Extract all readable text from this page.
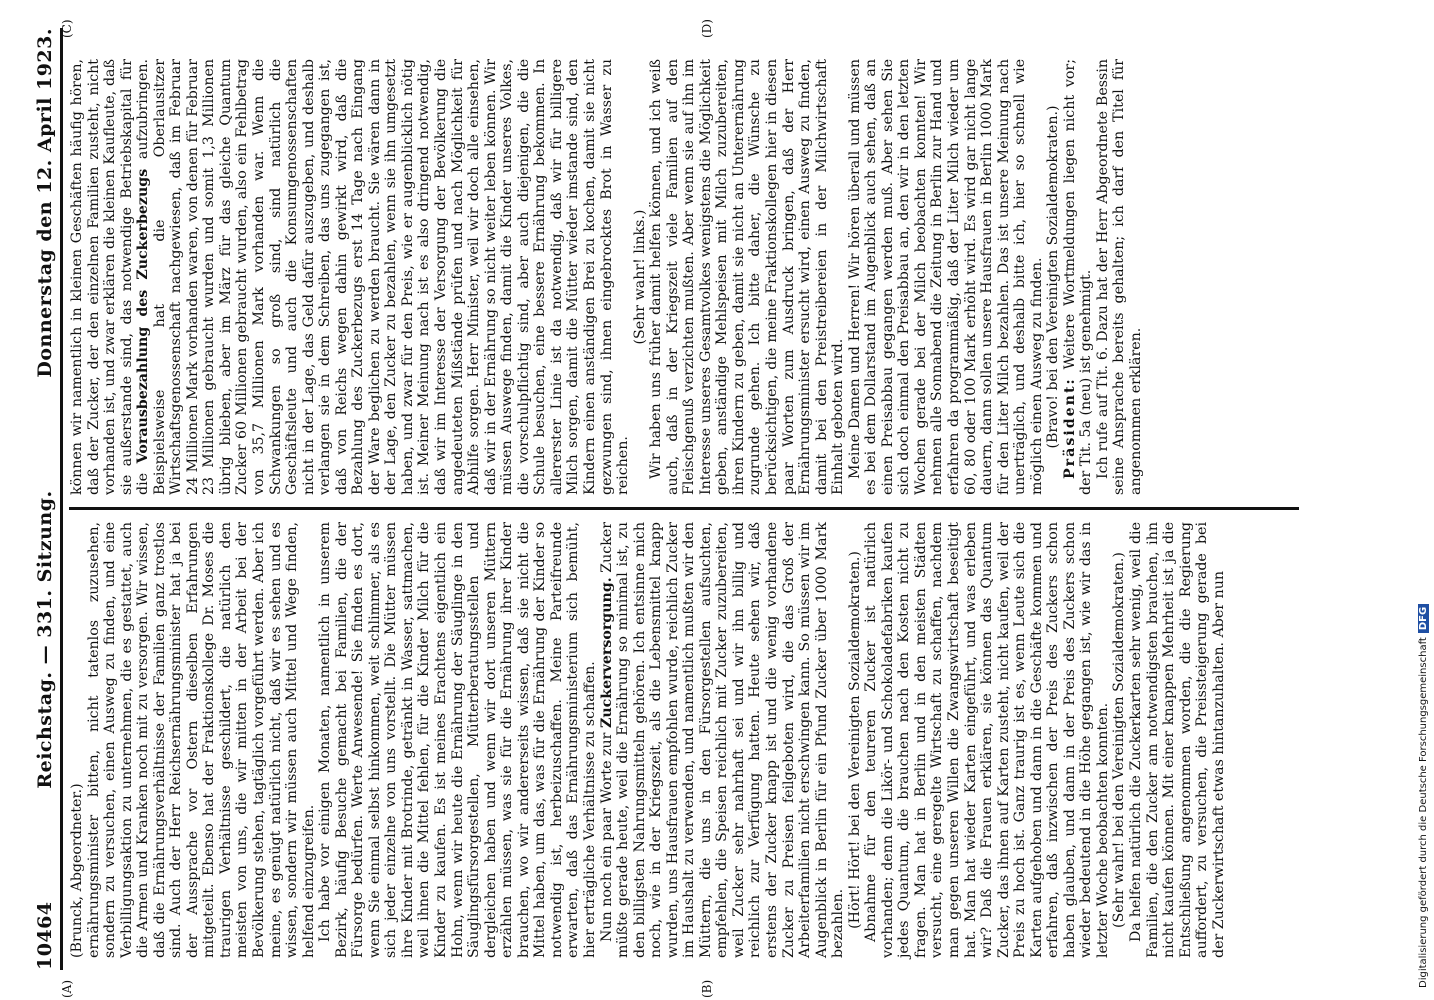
10464
Reichstag. — 331. Sitzung.
Donnerstag den 12. April 1923.

(Brunck, Abgeordneter.) ernährungsminister bitten, nicht tatenlos zuzusehen, sondern zu versuchen, einen Ausweg zu finden, und eine Verbilligungsaktion zu unternehmen, die es gestattet, auch die Armen und Kranken noch mit zu versorgen. Wir wissen, daß die Ernährungsverhältnisse der Familien ganz trostlos sind. Auch der Herr Reichsernährungsminister hat ja bei der Aussprache vor Ostern dieselben Erfahrungen mitgeteilt. Ebenso hat der Fraktionskollege Dr. Moses die traurigen Verhältnisse geschildert, die natürlich den meisten von uns, die wir mitten in der Arbeit bei der Bevölkerung stehen, tagtäglich vorgeführt werden. Aber ich meine, es genügt natürlich nicht, daß wir es sehen und es wissen, sondern wir müssen auch Mittel und Wege finden, helfend einzugreifen. Ich habe vor einigen Monaten, namentlich in unserem Bezirk, häufig Besuche gemacht bei Familien, die der Fürsorge bedürfen. Werte Anwesende! Sie finden es dort, wenn Sie einmal selbst hinkommen, weit schlimmer, als es sich jeder einzelne von uns vorstellt. Die Mütter müssen ihre Kinder mit Brotrinde, getränkt in Wasser, sattmachen, weil ihnen die Mittel fehlen, für die Kinder Milch für die Kinder zu kaufen. Es ist meines Erachtens eigentlich ein Hohn, wenn wir heute die Ernährung der Säuglinge in den Säuglingsfürsorgestellen, Mütterberatungsstellen und dergleichen haben und wenn wir dort unseren Müttern erzählen müssen, was sie für die Ernährung ihrer Kinder brauchen, wo wir andererseits wissen, daß sie nicht die Mittel haben, um das, was für die Ernährung der Kinder so notwendig ist, herbeizuschaffen. Meine Parteifreunde erwarten, daß das Ernährungsministerium sich bemüht, hier erträgliche Verhältnisse zu schaffen. Nun noch ein paar Worte zur Zuckerversorgung. Zucker müßte gerade heute, weil die Ernährung so minimal ist, zu den billigsten Nahrungsmitteln gehören. Ich entsinne mich noch, wie in der Kriegszeit, als die Lebensmittel knapp wurden, uns Hausfrauen empfohlen wurde, reichlich Zucker im Haushalt zu verwenden, und namentlich mußten wir den Müttern, die uns in den Fürsorgestellen aufsuchten, empfehlen, die Speisen reichlich mit Zucker zuzubereiten, weil Zucker sehr nahrhaft sei und wir ihn billig und reichlich zur Verfügung hatten. Heute sehen wir, daß erstens der Zucker knapp ist und die wenig vorhandene Zucker zu Preisen feilgeboten wird, die das Groß der Arbeiterfamilien nicht erschwingen kann. So müssen wir im Augenblick in Berlin für ein Pfund Zucker über 1000 Mark bezahlen. (Hört! Hört! bei den Vereinigten Sozialdemokraten.) Abnahme für den teureren Zucker ist natürlich vorhanden; denn die Likör- und Schokoladefabriken kaufen jedes Quantum, die brauchen nach den Kosten nicht zu fragen. Man hat in Berlin und in den meisten Städten versucht, eine geregelte Wirtschaft zu schaffen, nachdem man gegen unseren Willen die Zwangswirtschaft beseitigt hat. Man hat wieder Karten eingeführt, und was erleben wir? Daß die Frauen erklären, sie können das Quantum Zucker, das ihnen auf Karten zusteht, nicht kaufen, weil der Preis zu hoch ist. Ganz traurig ist es, wenn Leute sich die Karten aufgehoben und dann in die Geschäfte kommen und erfahren, daß inzwischen der Preis des Zuckers schon haben glauben, und dann in der Preis des Zuckers schon wieder bedeutend in die Höhe gegangen ist, wie wir das in letzter Woche beobachten konnten. (Sehr wahr! bei den Vereinigten Sozialdemokraten.) Da helfen natürlich die Zuckerkarten sehr wenig, weil die Familien, die den Zucker am notwendigsten brauchen, ihn nicht kaufen können. Mit einer knappen Mehrheit ist ja die Entschließung angenommen worden, die die Regierung auffordert, zu versuchen, die Preissteigerung gerade bei der Zuckerwirtschaft etwas hintanzuhalten. Aber nun

können wir namentlich in kleinen Geschäften häufig hören, daß der Zucker, der den einzelnen Familien zusteht, nicht vorhanden ist, und zwar erklären die kleinen Kaufleute, daß sie außerstande sind, das notwendige Betriebskapital für die Vorausbezahlung des Zuckerbezugs aufzubringen. Beispielsweise hat die Oberlausitzer Wirtschaftsgenossenschaft nachgewiesen, daß im Februar 24 Millionen Mark vorhanden waren, von denen für Februar 23 Millionen gebraucht wurden und somit 1,3 Millionen übrig blieben, aber im März für das gleiche Quantum Zucker 60 Millionen gebraucht wurden, also ein Fehlbetrag von 35,7 Millionen Mark vorhanden war. Wenn die Schwankungen so groß sind, sind natürlich die Geschäftsleute und auch die Konsumgenossenschaften nicht in der Lage, das Geld dafür auszugeben, und deshalb verlangen sie in dem Schreiben, das uns zugegangen ist, daß von Reichs wegen dahin gewirkt wird, daß die Bezahlung des Zuckerbezugs erst 14 Tage nach Eingang der Ware beglichen zu werden braucht. Sie wären dann in der Lage, den Zucker zu bezahlen, wenn sie ihn umgesetzt haben, und zwar für den Preis, wie er augenblicklich nötig ist. Meiner Meinung nach ist es also dringend notwendig, daß wir im Interesse der Versorgung der Bevölkerung die angedeuteten Mißstände prüfen und nach Möglichkeit für Abhilfe sorgen. Herr Minister, weil wir doch alle einsehen, daß wir in der Ernährung so nicht weiter leben können. Wir müssen Auswege finden, damit die Kinder unseres Volkes, die vorschulpflichtig sind, aber auch diejenigen, die die Schule besuchen, eine bessere Ernährung bekommen. In allererster Linie ist da notwendig, daß wir für billigere Milch sorgen, damit die Mütter wieder imstande sind, den Kindern einen anständigen Brei zu kochen, damit sie nicht gezwungen sind, ihnen eingebrocktes Brot in Wasser zu reichen.

(Sehr wahr! links.) Wir haben uns früher damit helfen können, und ich weiß auch, daß in der Kriegszeit viele Familien auf den Fleischgenuß verzichten mußten. Aber wenn sie auf ihn im Interesse unseres Gesamtvolkes wenigstens die Möglichkeit geben, anständige Mehlspeisen mit Milch zuzubereiten, ihren Kindern zu geben, damit sie nicht an Unterernährung zugrunde gehen. Ich bitte daher, die Wünsche zu berücksichtigen, die meine Fraktionskollegen hier in diesen paar Worten zum Ausdruck bringen, daß der Herr Ernährungsminister ersucht wird, einen Ausweg zu finden, damit bei den Preistreibereien in der Milchwirtschaft Einhalt geboten wird. Meine Damen und Herren! Wir hören überall und müssen es bei dem Dollarstand im Augenblick auch sehen, daß an einen Preisabbau gegangen werden muß. Aber sehen Sie sich doch einmal den Preisabbau an, den wir in den letzten Wochen gerade bei der Milch beobachten konnten! Wir nehmen alle Sonnabend die Zeitung in Berlin zur Hand und erfahren da programmäßig, daß der Liter Milch wieder um 60, 80 oder 100 Mark erhöht wird. Es wird gar nicht lange dauern, dann sollen unsere Hausfrauen in Berlin 1000 Mark für den Liter Milch bezahlen. Das ist unsere Meinung nach unerträglich, und deshalb bitte ich, hier so schnell wie möglich einen Ausweg zu finden. (Bravo! bei den Vereinigten Sozialdemokraten.) Präsident: Weitere Wortmeldungen liegen nicht vor; der Tit. 5a (neu) ist genehmigt. Ich rufe auf Tit. 6. Dazu hat der Herr Abgeordnete Bessin seine Ansprache bereits gehalten; ich darf den Titel für angenommen erklären.

(A)	(B)
(C)	(D)
Digitalisierung gefördert durch die Deutsche ForschungsgemeinschaftDFG
